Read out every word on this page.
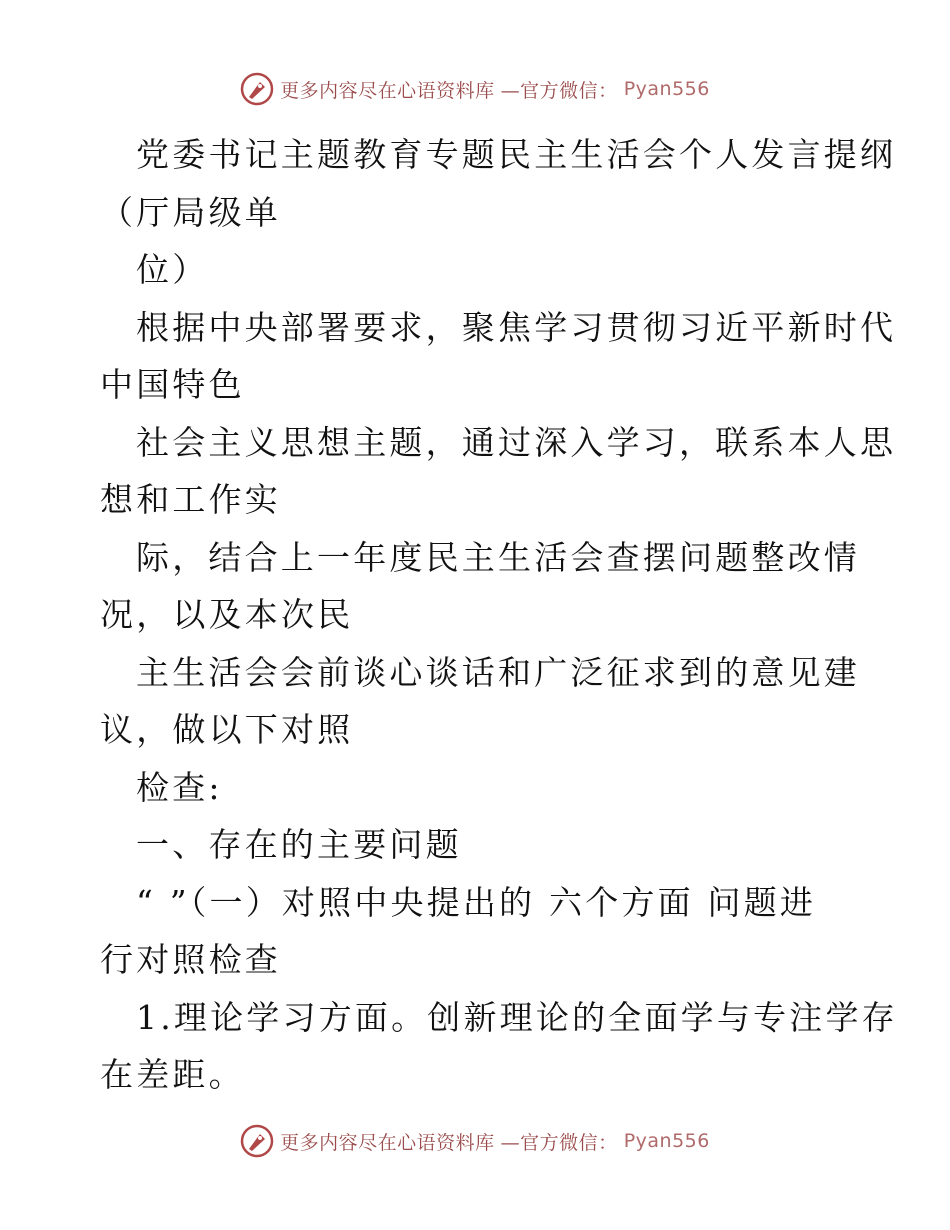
更多内容尽在心语资料库 —官方微信： Pyan556
党委书记主题教育专题民主生活会个人发言提纲
（厅局级单
位）
根据中央部署要求，聚焦学习贯彻习近平新时代
中国特色
社会主义思想主题，通过深入学习，联系本人思
想和工作实
际，结合上一年度民主生活会查摆问题整改情
况，以及本次民
主生活会会前谈心谈话和广泛征求到的意见建
议，做以下对照
检查:
一、存在的主要问题
“ ”（一）对照中央提出的 六个方面 问题进
行对照检查
1.理论学习方面。创新理论的全面学与专注学存
在差距。
更多内容尽在心语资料库 —官方微信： Pyan556
